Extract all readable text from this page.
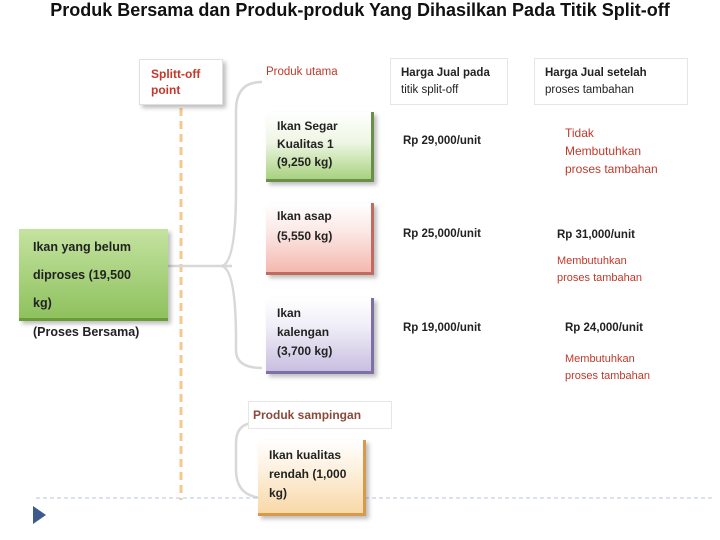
Produk Bersama dan Produk-produk Yang Dihasilkan Pada Titik Split-off
Splitt-off
point
Produk utama	Harga Jual pada
titik split-off
Harga Jual setelah
proses tambahan
Ikan yang belum
diproses (19,500
kg)
(Proses Bersama)
Ikan Segar
Kualitas 1
(9,250 kg)
Rp 29,000/unit
Tidak
Membutuhkan
proses tambahan
Ikan asap
(5,550 kg)	Rp 25,000/unit	Rp 31,000/unit
Membutuhkan
proses tambahan
Ikan
kalengan
(3,700 kg)
Rp 19,000/unit	Rp 24,000/unit
Membutuhkan
proses tambahan
Produk sampingan
Ikan kualitas
rendah (1,000
kg)
